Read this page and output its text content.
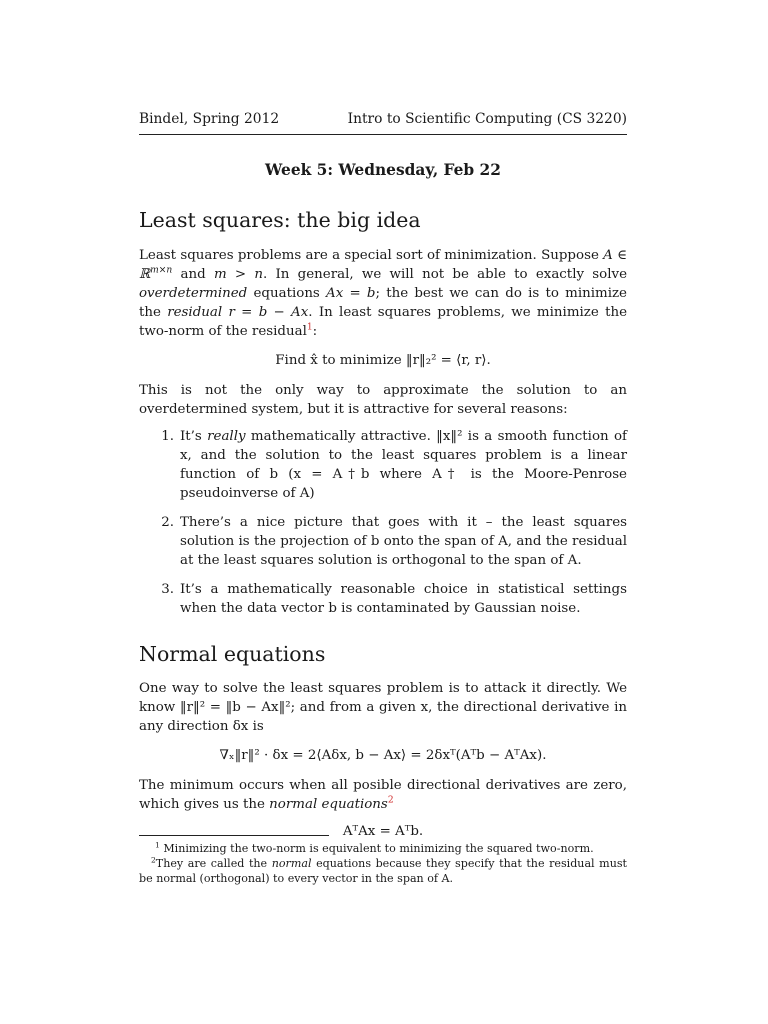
Bindel, Spring 2012	Intro to Scientific Computing (CS 3220)
Week 5: Wednesday, Feb 22
Least squares: the big idea

Least squares problems are a special sort of minimization. Suppose A ∈ ℝ$^{m\times n}$ and m > n. In general, we will not be able to exactly solve overdetermined equations Ax = b; the best we can do is to minimize the residual r = b − Ax. In least squares problems, we minimize the two-norm of the residual$^1$:

Find x̂ to minimize ‖r‖₂² = ⟨r, r⟩.

This is not the only way to approximate the solution to an overdetermined system, but it is attractive for several reasons:

1. It’s really mathematically attractive. ‖x‖² is a smooth function of x, and the solution to the least squares problem is a linear function of b (x = A†b where A† is the Moore-Penrose pseudoinverse of A)
2. There’s a nice picture that goes with it – the least squares solution is the projection of b onto the span of A, and the residual at the least squares solution is orthogonal to the span of A.
3. It’s a mathematically reasonable choice in statistical settings when the data vector b is contaminated by Gaussian noise.
Normal equations

One way to solve the least squares problem is to attack it directly. We know ‖r‖² = ‖b − Ax‖²; and from a given x, the directional derivative in any direction δx is

∇ₓ‖r‖² · δx = 2⟨Aδx, b − Ax⟩ = 2δxᵀ(Aᵀb − AᵀAx).

The minimum occurs when all posible directional derivatives are zero, which gives us the normal equations$^2$

AᵀAx = Aᵀb.
$^1$ Minimizing the two-norm is equivalent to minimizing the squared two-norm.
$^2$They are called the normal equations because they specify that the residual must be normal (orthogonal) to every vector in the span of A.
